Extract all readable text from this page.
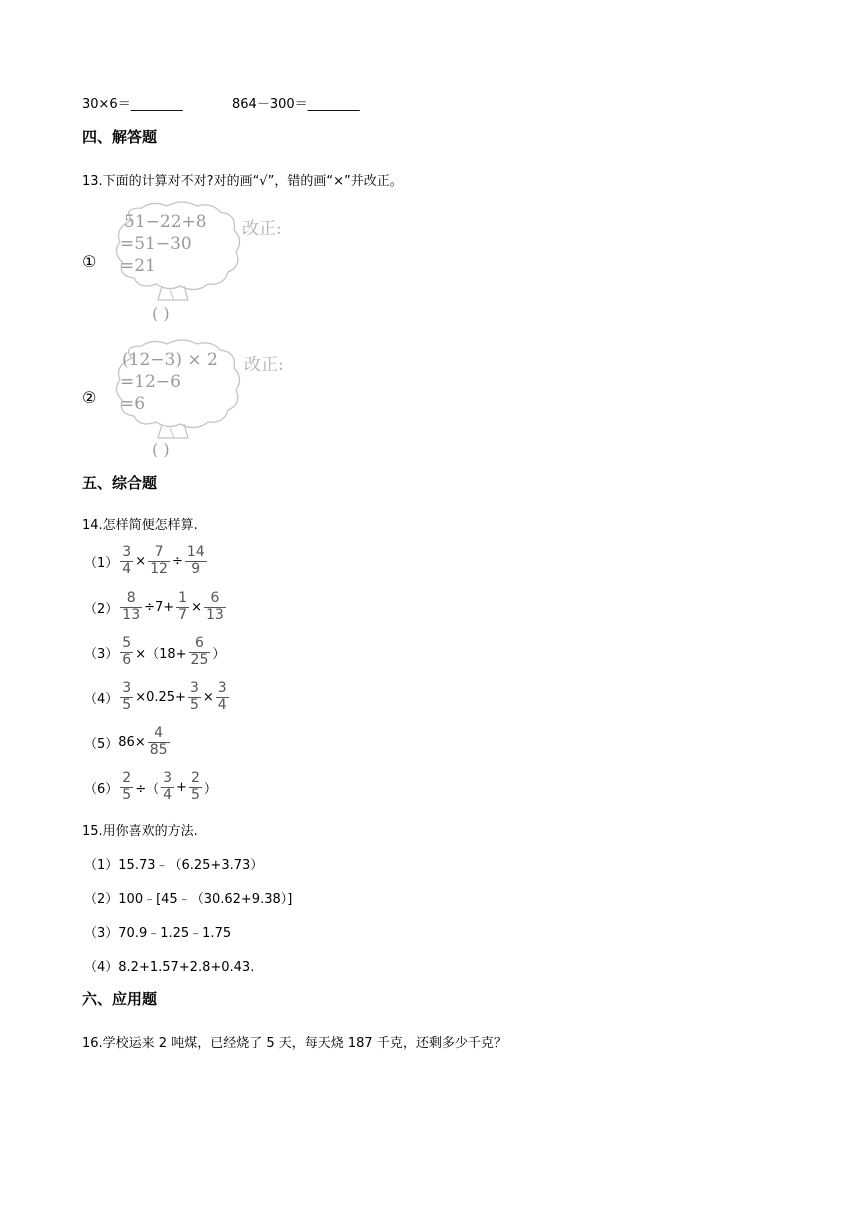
30×6＝________	864－300＝________
四、解答题
13.下面的计算对不对?对的画“√”，错的画“×”并改正。
①
51−22+8
=51−30
=21
( )
改正:
②
(12−3) × 2
=12−6
=6
( )
改正:
五、综合题
14.怎样简便怎样算.
$(1) \frac{3}{4} \times \frac{7}{12} \div \frac{14}{9}$
$(2) \frac{8}{13} \div 7+ \frac{1}{7} \times \frac{6}{13}$
$(3) \frac{5}{6} \times(18+ \frac{6}{25}$ ）
$(4) \frac{3}{5} \times 0.25+ \frac{3}{5} \times \frac{3}{4}$
（5） $86\times \frac{4}{85}$
$(6) \frac{2}{5}$ ÷（ $\frac{3}{4} + \frac{2}{5}$ ）
15.用你喜欢的方法.
（1）15.73﹣（6.25+3.73）
（2）100﹣[45﹣（30.62+9.38）]
（3）70.9﹣1.25﹣1.75
（4）8.2+1.57+2.8+0.43.
六、应用题
16.学校运来 2 吨煤，已经烧了 5 天，每天烧 187 千克，还剩多少千克？
